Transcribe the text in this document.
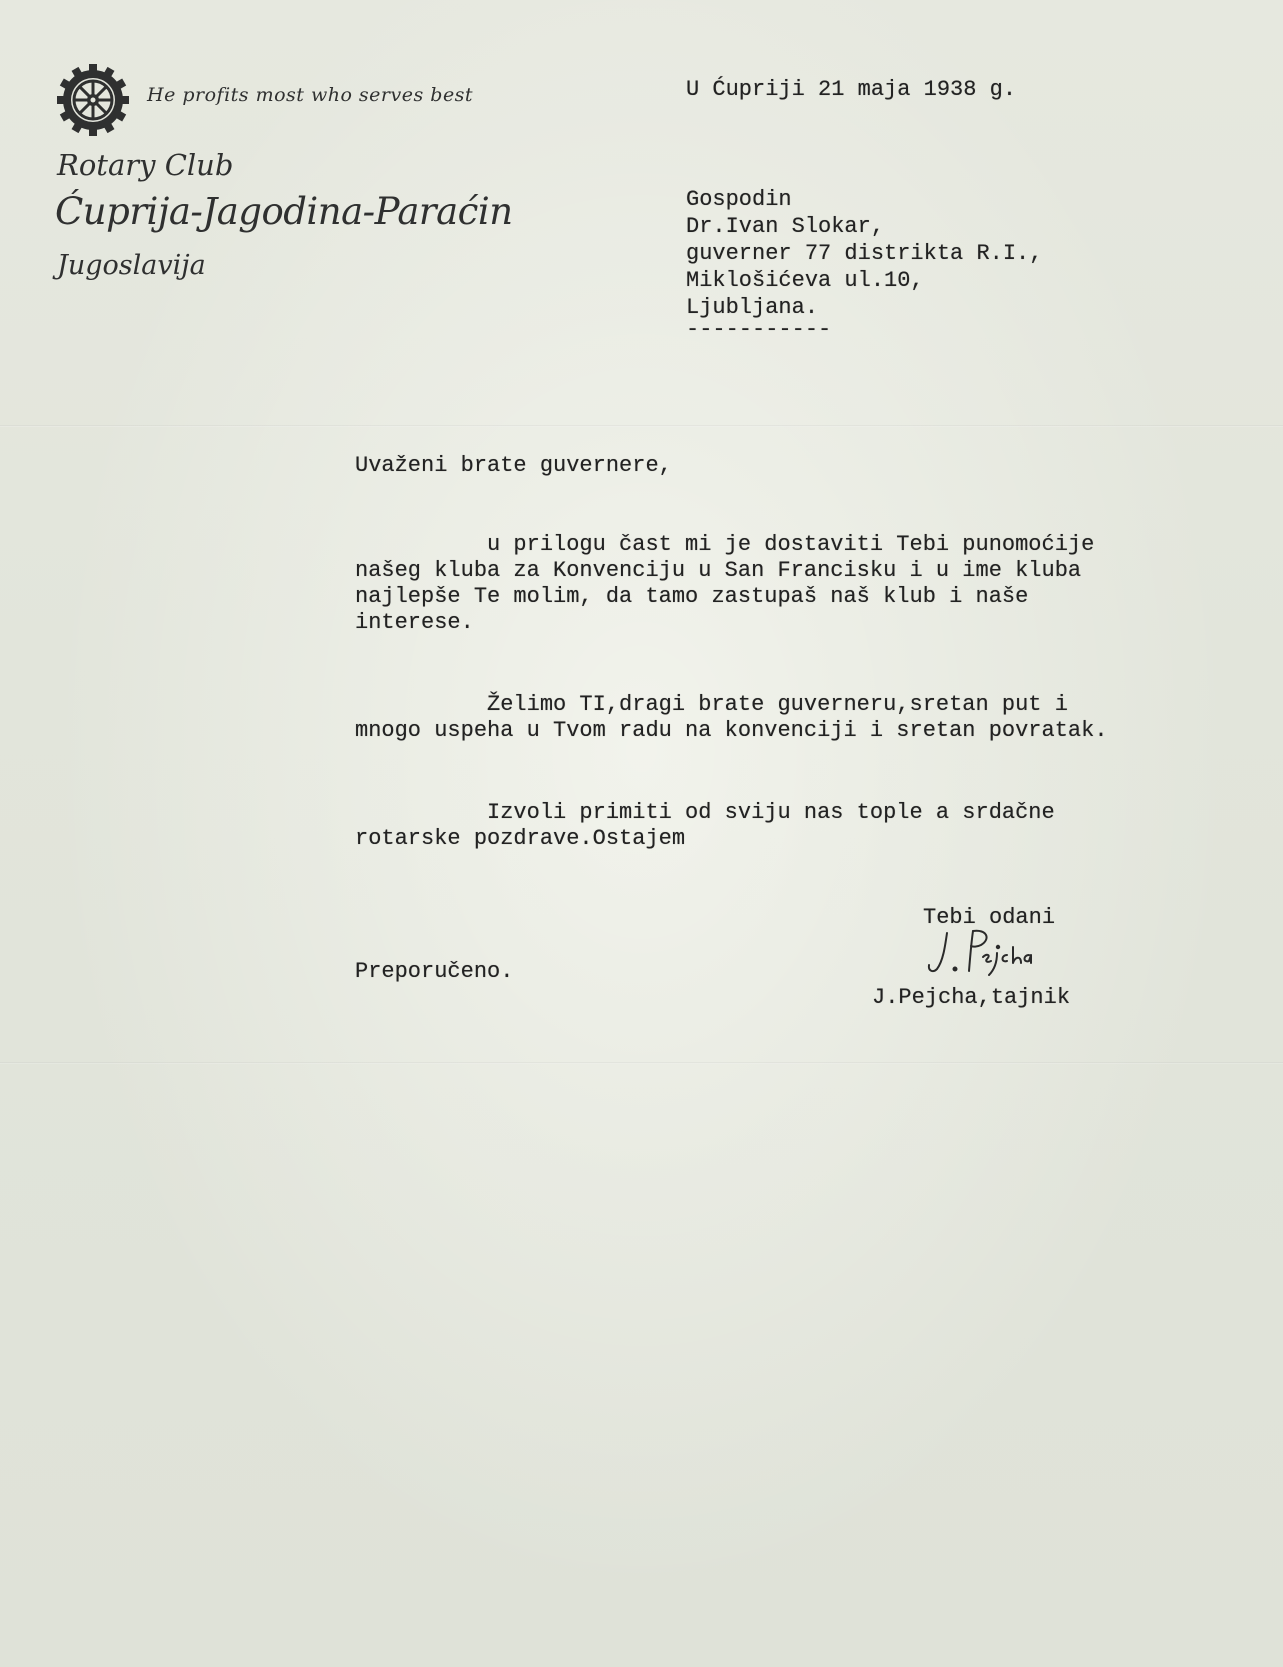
He profits most who serves best
Rotary Club
Ćuprija-Jagodina-Paraćin
Jugoslavija
U Ćupriji 21 maja 1938 g.
Gospodin
Dr.Ivan Slokar,
guverner 77 distrikta R.I.,
Miklošićeva ul.10,
Ljubljana.
-----------
Uvaženi brate guvernere,
u prilogu čast mi je dostaviti Tebi punomoćije
našeg kluba za Konvenciju u San Francisku i u ime kluba
najlepše Te molim, da tamo zastupaš naš klub i naše
interese.
Želimo TI,dragi brate guverneru,sretan put i
mnogo uspeha u Tvom radu na konvenciji i sretan povratak.
Izvoli primiti od sviju nas tople a srdačne
rotarske pozdrave.Ostajem
Tebi odani
J.Pejcha,tajnik
Preporučeno.
